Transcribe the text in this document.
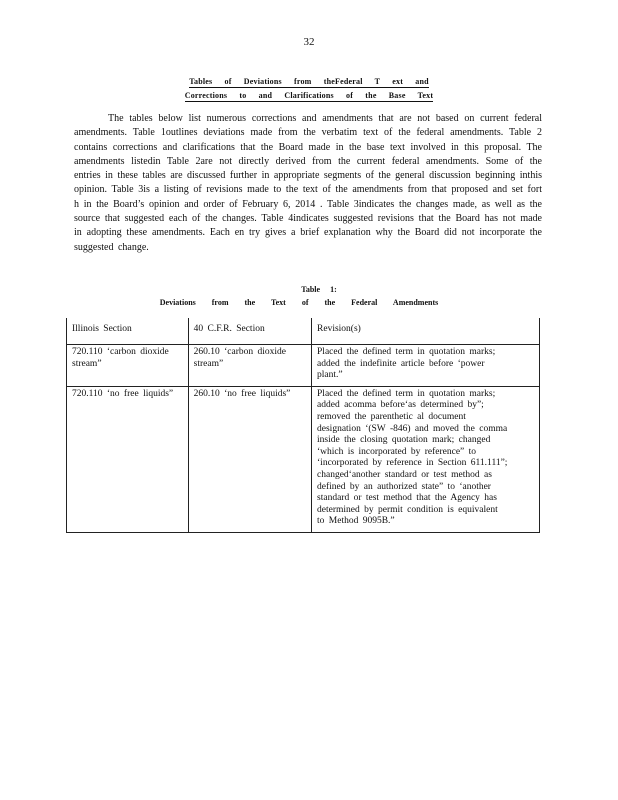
32
Tables of Deviations from theFederal T ext and
Corrections to and Clarifications of the Base Text

The tables below list numerous corrections and amendments that are not based on current federal amendments. Table 1outlines deviations made from the verbatim text of the federal amendments. Table 2 contains corrections and clarifications that the Board made in the base text involved in this proposal. The amendments listedin Table 2are not directly derived from the current federal amendments. Some of the entries in these tables are discussed further in appropriate segments of the general discussion beginning inthis opinion. Table 3is a listing of revisions made to the text of the amendments from that proposed and set fort h in the Board’s opinion and order of February 6, 2014 . Table 3indicates the changes made, as well as the source that suggested each of the changes. Table 4indicates suggested revisions that the Board has not made in adopting these amendments. Each en try gives a brief explanation why the Board did not incorporate the suggested change.

Table 1:
Deviations from the Text of the Federal Amendments
Illinois Section	40 C.F.R. Section	Revision(s)
720.110 ‘carbon dioxide stream”	260.10 ‘carbon dioxide stream”	Placed the defined term in quotation marks; added the indefinite article before ‘power plant.”
720.110 ‘no free liquids”	260.10 ‘no free liquids”	Placed the defined term in quotation marks; added acomma before‘as determined by”; removed the parenthetic al document designation ‘(SW -846) and moved the comma inside the closing quotation mark; changed ‘which is incorporated by reference” to ‘incorporated by reference in Section 611.111”; changed‘another standard or test method as defined by an authorized state” to ‘another standard or test method that the Agency has determined by permit condition is equivalent to Method 9095B.”
